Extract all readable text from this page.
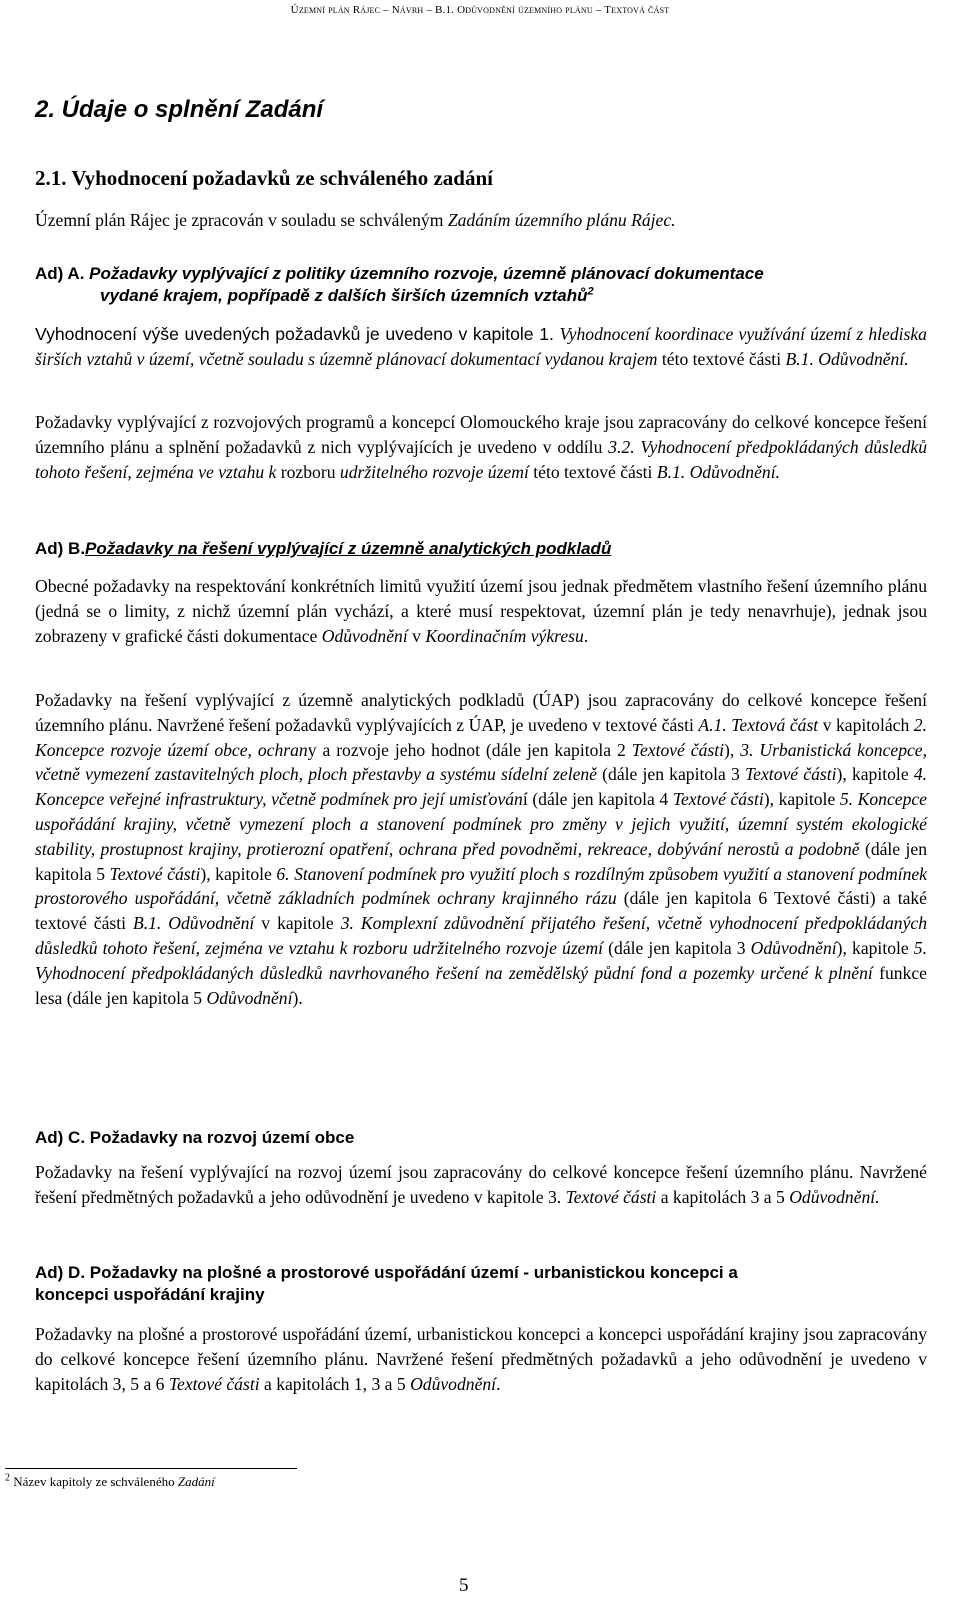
Územní plán Rájec – Návrh – B.1. Odůvodnění územního plánu – Textová část
2. Údaje o splnění Zadání
2.1. Vyhodnocení požadavků ze schváleného zadání
Územní plán Rájec je zpracován v souladu se schváleným Zadáním územního plánu Rájec.
Ad) A. Požadavky vyplývající z politiky územního rozvoje, územně plánovací dokumentace
vydané krajem, popřípadě z dalších širších územních vztahů$^2$
Vyhodnocení výše uvedených požadavků je uvedeno v kapitole 1. Vyhodnocení koordinace využívání území z hlediska širších vztahů v území, včetně souladu s územně plánovací dokumentací vydanou krajem této textové části B.1. Odůvodnění.
Požadavky vyplývající z rozvojových programů a koncepcí Olomouckého kraje jsou zapracovány do celkové koncepce řešení územního plánu a splnění požadavků z nich vyplývajících je uvedeno v oddílu 3.2. Vyhodnocení předpokládaných důsledků tohoto řešení, zejména ve vztahu k rozboru udržitelného rozvoje území této textové části B.1. Odůvodnění.
Ad) B.Požadavky na řešení vyplývající z územně analytických podkladů
Obecné požadavky na respektování konkrétních limitů využití území jsou jednak předmětem vlastního řešení územního plánu (jedná se o limity, z nichž územní plán vychází, a které musí respektovat, územní plán je tedy nenavrhuje), jednak jsou zobrazeny v grafické části dokumentace Odůvodnění v Koordinačním výkresu.
Požadavky na řešení vyplývající z územně analytických podkladů (ÚAP) jsou zapracovány do celkové koncepce řešení územního plánu. Navržené řešení požadavků vyplývajících z ÚAP, je uvedeno v textové části A.1. Textová část v kapitolách 2. Koncepce rozvoje území obce, ochrany a rozvoje jeho hodnot (dále jen kapitola 2 Textové části), 3. Urbanistická koncepce, včetně vymezení zastavitelných ploch, ploch přestavby a systému sídelní zeleně (dále jen kapitola 3 Textové části), kapitole 4. Koncepce veřejné infrastruktury, včetně podmínek pro její umisťování (dále jen kapitola 4 Textové části), kapitole 5. Koncepce uspořádání krajiny, včetně vymezení ploch a stanovení podmínek pro změny v jejich využití, územní systém ekologické stability, prostupnost krajiny, protierozní opatření, ochrana před povodněmi, rekreace, dobývání nerostů a podobně (dále jen kapitola 5 Textové části), kapitole 6. Stanovení podmínek pro využití ploch s rozdílným způsobem využití a stanovení podmínek prostorového uspořádání, včetně základních podmínek ochrany krajinného rázu (dále jen kapitola 6 Textové části) a také textové části B.1. Odůvodnění v kapitole 3. Komplexní zdůvodnění přijatého řešení, včetně vyhodnocení předpokládaných důsledků tohoto řešení, zejména ve vztahu k rozboru udržitelného rozvoje území (dále jen kapitola 3 Odůvodnění), kapitole 5. Vyhodnocení předpokládaných důsledků navrhovaného řešení na zemědělský půdní fond a pozemky určené k plnění funkce lesa (dále jen kapitola 5 Odůvodnění).
Ad) C. Požadavky na rozvoj území obce
Požadavky na řešení vyplývající na rozvoj území jsou zapracovány do celkové koncepce řešení územního plánu. Navržené řešení předmětných požadavků a jeho odůvodnění je uvedeno v kapitole 3. Textové části a kapitolách 3 a 5 Odůvodnění.
Ad) D. Požadavky na plošné a prostorové uspořádání území - urbanistickou koncepci a
koncepci uspořádání krajiny
Požadavky na plošné a prostorové uspořádání území, urbanistickou koncepci a koncepci uspořádání krajiny jsou zapracovány do celkové koncepce řešení územního plánu. Navržené řešení předmětných požadavků a jeho odůvodnění je uvedeno v kapitolách 3, 5 a 6 Textové části a kapitolách 1, 3 a 5 Odůvodnění.
$^2$ Název kapitoly ze schváleného Zadání
5
